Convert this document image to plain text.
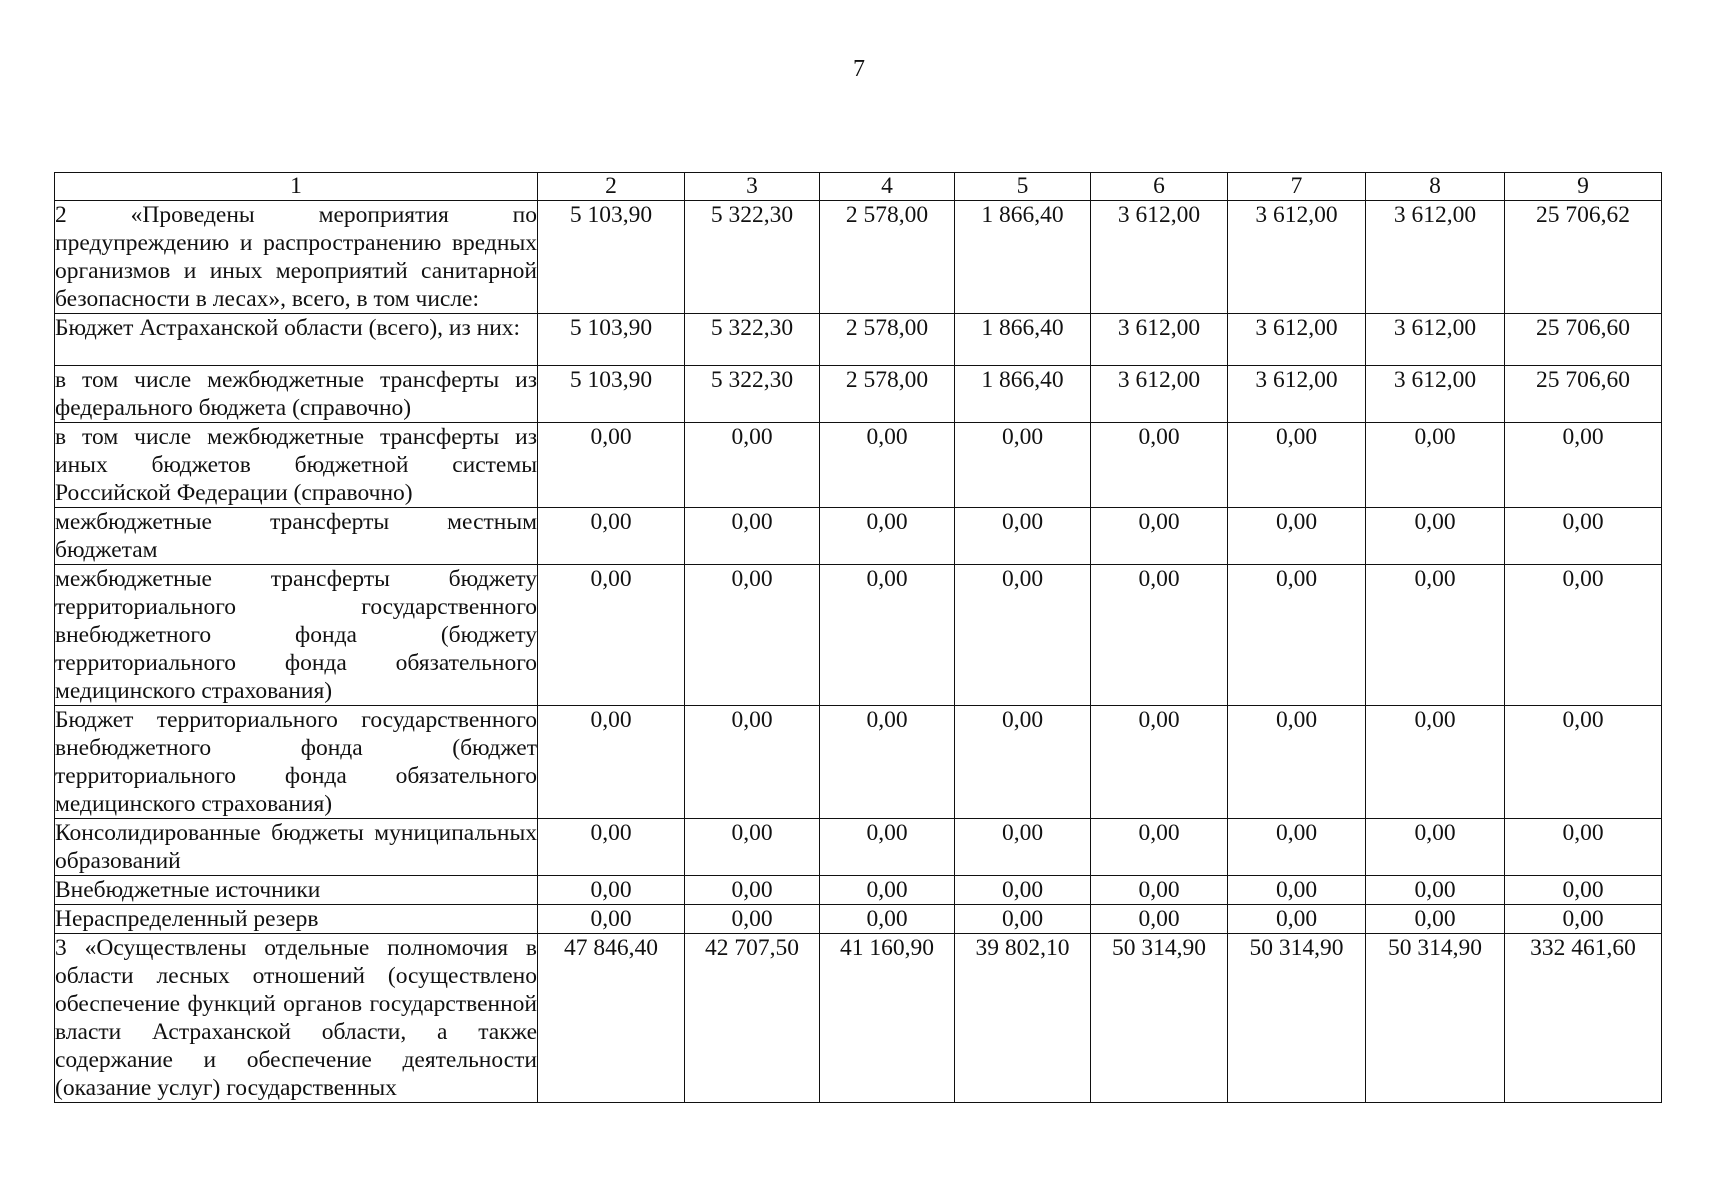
7
1	2	3	4	5	6	7	8	9
2 «Проведены мероприятия по предупреждению и распространению вредных организмов и иных мероприятий санитарной безопасности в лесах», всего, в том числе:	5 103,90	5 322,30	2 578,00	1 866,40	3 612,00	3 612,00	3 612,00	25 706,62
Бюджет Астраханской области (всего), из них:	5 103,90	5 322,30	2 578,00	1 866,40	3 612,00	3 612,00	3 612,00	25 706,60
в том числе межбюджетные трансферты из федерального бюджета (справочно)	5 103,90	5 322,30	2 578,00	1 866,40	3 612,00	3 612,00	3 612,00	25 706,60
в том числе межбюджетные трансферты из иных бюджетов бюджетной системы Российской Федерации (справочно)	0,00	0,00	0,00	0,00	0,00	0,00	0,00	0,00
межбюджетные трансферты местным бюджетам	0,00	0,00	0,00	0,00	0,00	0,00	0,00	0,00
межбюджетные трансферты бюджету территориального государственного внебюджетного фонда (бюджету территориального фонда обязательного медицинского страхования)	0,00	0,00	0,00	0,00	0,00	0,00	0,00	0,00
Бюджет территориального государственного внебюджетного фонда (бюджет территориального фонда обязательного медицинского страхования)	0,00	0,00	0,00	0,00	0,00	0,00	0,00	0,00
Консолидированные бюджеты муниципальных образований	0,00	0,00	0,00	0,00	0,00	0,00	0,00	0,00
Внебюджетные источники	0,00	0,00	0,00	0,00	0,00	0,00	0,00	0,00
Нераспределенный резерв	0,00	0,00	0,00	0,00	0,00	0,00	0,00	0,00
3 «Осуществлены отдельные полномочия в области лесных отношений (осуществлено обеспечение функций органов государственной власти Астраханской области, а также содержание и обеспечение деятельности (оказание услуг) государственных	47 846,40	42 707,50	41 160,90	39 802,10	50 314,90	50 314,90	50 314,90	332 461,60
